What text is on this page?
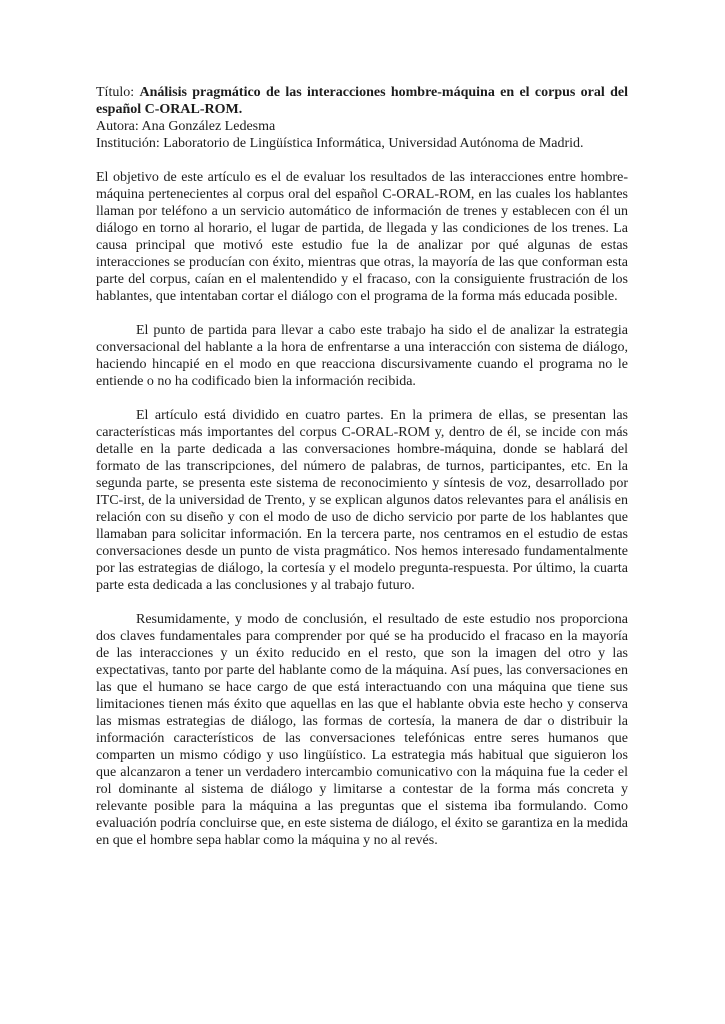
Título: Análisis pragmático de las interacciones hombre-máquina en el corpus oral del español C-ORAL-ROM.

Autora: Ana González Ledesma

Institución: Laboratorio de Lingüística Informática, Universidad Autónoma de Madrid.

El objetivo de este artículo es el de evaluar los resultados de las interacciones entre hombre-máquina pertenecientes al corpus oral del español C-ORAL-ROM, en las cuales los hablantes llaman por teléfono a un servicio automático de información de trenes y establecen con él un diálogo en torno al horario, el lugar de partida, de llegada y las condiciones de los trenes. La causa principal que motivó este estudio fue la de analizar por qué algunas de estas interacciones se producían con éxito, mientras que otras, la mayoría de las que conforman esta parte del corpus, caían en el malentendido y el fracaso, con la consiguiente frustración de los hablantes, que intentaban cortar el diálogo con el programa de la forma más educada posible.

El punto de partida para llevar a cabo este trabajo ha sido el de analizar la estrategia conversacional del hablante a la hora de enfrentarse a una interacción con sistema de diálogo, haciendo hincapié en el modo en que reacciona discursivamente cuando el programa no le entiende o no ha codificado bien la información recibida.

El artículo está dividido en cuatro partes. En la primera de ellas, se presentan las características más importantes del corpus C-ORAL-ROM y, dentro de él, se incide con más detalle en la parte dedicada a las conversaciones hombre-máquina, donde se hablará del formato de las transcripciones, del número de palabras, de turnos, participantes, etc. En la segunda parte, se presenta este sistema de reconocimiento y síntesis de voz, desarrollado por ITC-irst, de la universidad de Trento, y se explican algunos datos relevantes para el análisis en relación con su diseño y con el modo de uso de dicho servicio por parte de los hablantes que llamaban para solicitar información. En la tercera parte, nos centramos en el estudio de estas conversaciones desde un punto de vista pragmático. Nos hemos interesado fundamentalmente por las estrategias de diálogo, la cortesía y el modelo pregunta-respuesta. Por último, la cuarta parte esta dedicada a las conclusiones y al trabajo futuro.

Resumidamente, y modo de conclusión, el resultado de este estudio nos proporciona dos claves fundamentales para comprender por qué se ha producido el fracaso en la mayoría de las interacciones y un éxito reducido en el resto, que son la imagen del otro y las expectativas, tanto por parte del hablante como de la máquina. Así pues, las conversaciones en las que el humano se hace cargo de que está interactuando con una máquina que tiene sus limitaciones tienen más éxito que aquellas en las que el hablante obvia este hecho y conserva las mismas estrategias de diálogo, las formas de cortesía, la manera de dar o distribuir la información característicos de las conversaciones telefónicas entre seres humanos que comparten un mismo código y uso lingüístico. La estrategia más habitual que siguieron los que alcanzaron a tener un verdadero intercambio comunicativo con la máquina fue la ceder el rol dominante al sistema de diálogo y limitarse a contestar de la forma más concreta y relevante posible para la máquina a las preguntas que el sistema iba formulando. Como evaluación podría concluirse que, en este sistema de diálogo, el éxito se garantiza en la medida en que el hombre sepa hablar como la máquina y no al revés.
